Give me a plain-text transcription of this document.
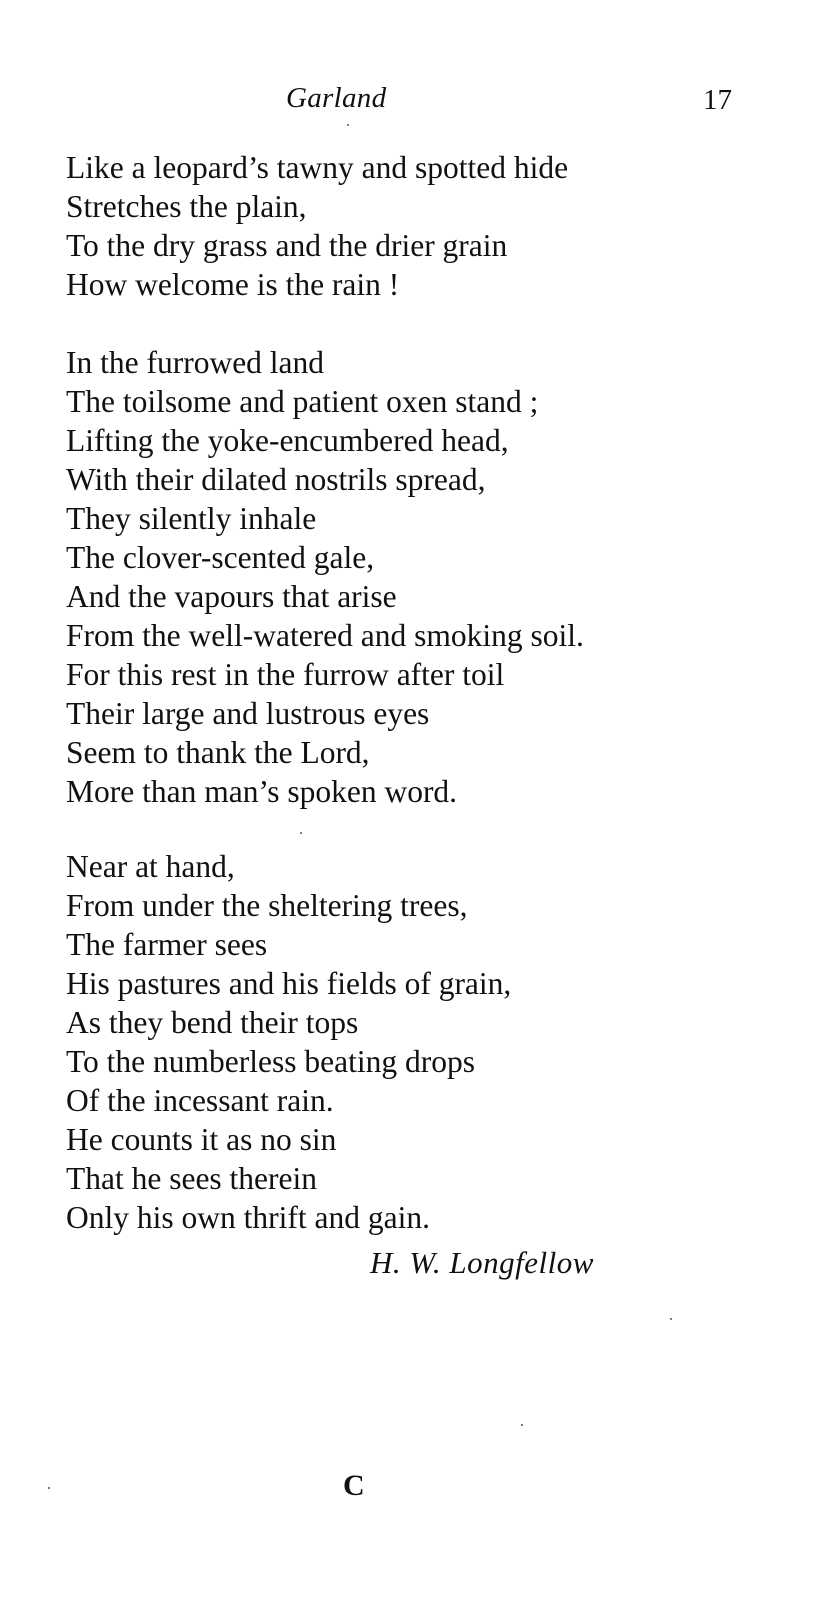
Garland	17
Like a leopard’s tawny and spotted hide
Stretches the plain,
To the dry grass and the drier grain
How welcome is the rain !
In the furrowed land
The toilsome and patient oxen stand ;
Lifting the yoke-encumbered head,
With their dilated nostrils spread,
They silently inhale
The clover-scented gale,
And the vapours that arise
From the well-watered and smoking soil.
For this rest in the furrow after toil
Their large and lustrous eyes
Seem to thank the Lord,
More than man’s spoken word.
Near at hand,
From under the sheltering trees,
The farmer sees
His pastures and his fields of grain,
As they bend their tops
To the numberless beating drops
Of the incessant rain.
He counts it as no sin
That he sees therein
Only his own thrift and gain.
H. W. Longfellow
C
